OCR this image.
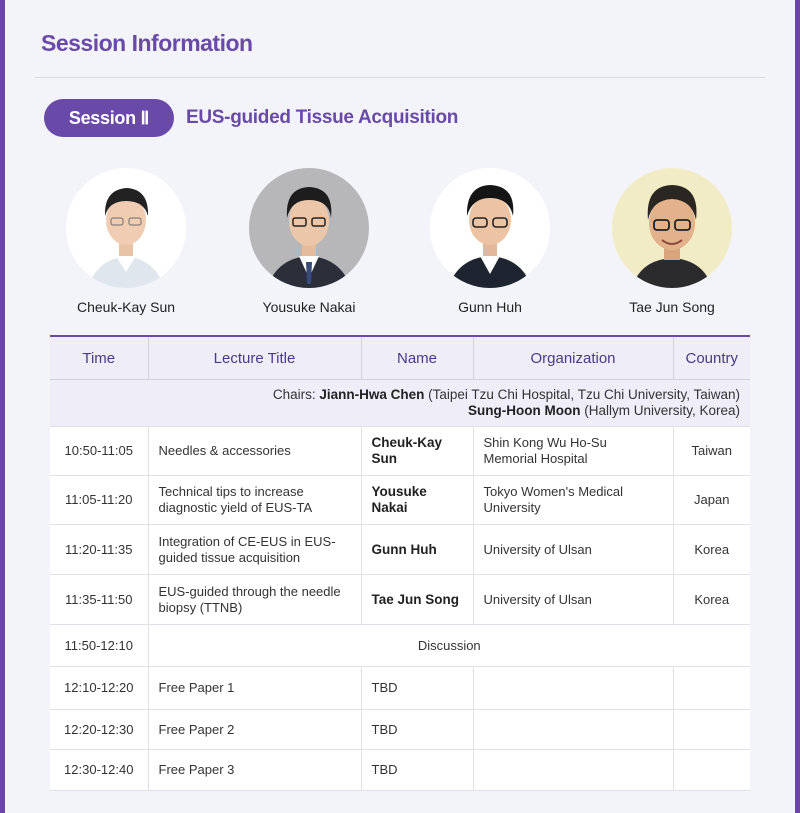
Session Information
Session Ⅱ	EUS-guided Tissue Acquisition
Cheuk-Kay Sun	Yousuke Nakai	Gunn Huh	Tae Jun Song
Time	Lecture Title	Name	Organization	Country
Chairs: Jiann-Hwa Chen (Taipei Tzu Chi Hospital, Tzu Chi University, Taiwan)
Sung-Hoon Moon (Hallym University, Korea)				
10:50-11:05	Needles & accessories	Cheuk-Kay Sun	Shin Kong Wu Ho-Su Memorial Hospital	Taiwan
11:05-11:20	Technical tips to increase diagnostic yield of EUS-TA	Yousuke Nakai	Tokyo Women's Medical University	Japan
11:20-11:35	Integration of CE-EUS in EUS-guided tissue acquisition	Gunn Huh	University of Ulsan	Korea
11:35-11:50	EUS-guided through the needle biopsy (TTNB)	Tae Jun Song	University of Ulsan	Korea
11:50-12:10	Discussion			
12:10-12:20	Free Paper 1	TBD		
12:20-12:30	Free Paper 2	TBD		
12:30-12:40	Free Paper 3	TBD		
